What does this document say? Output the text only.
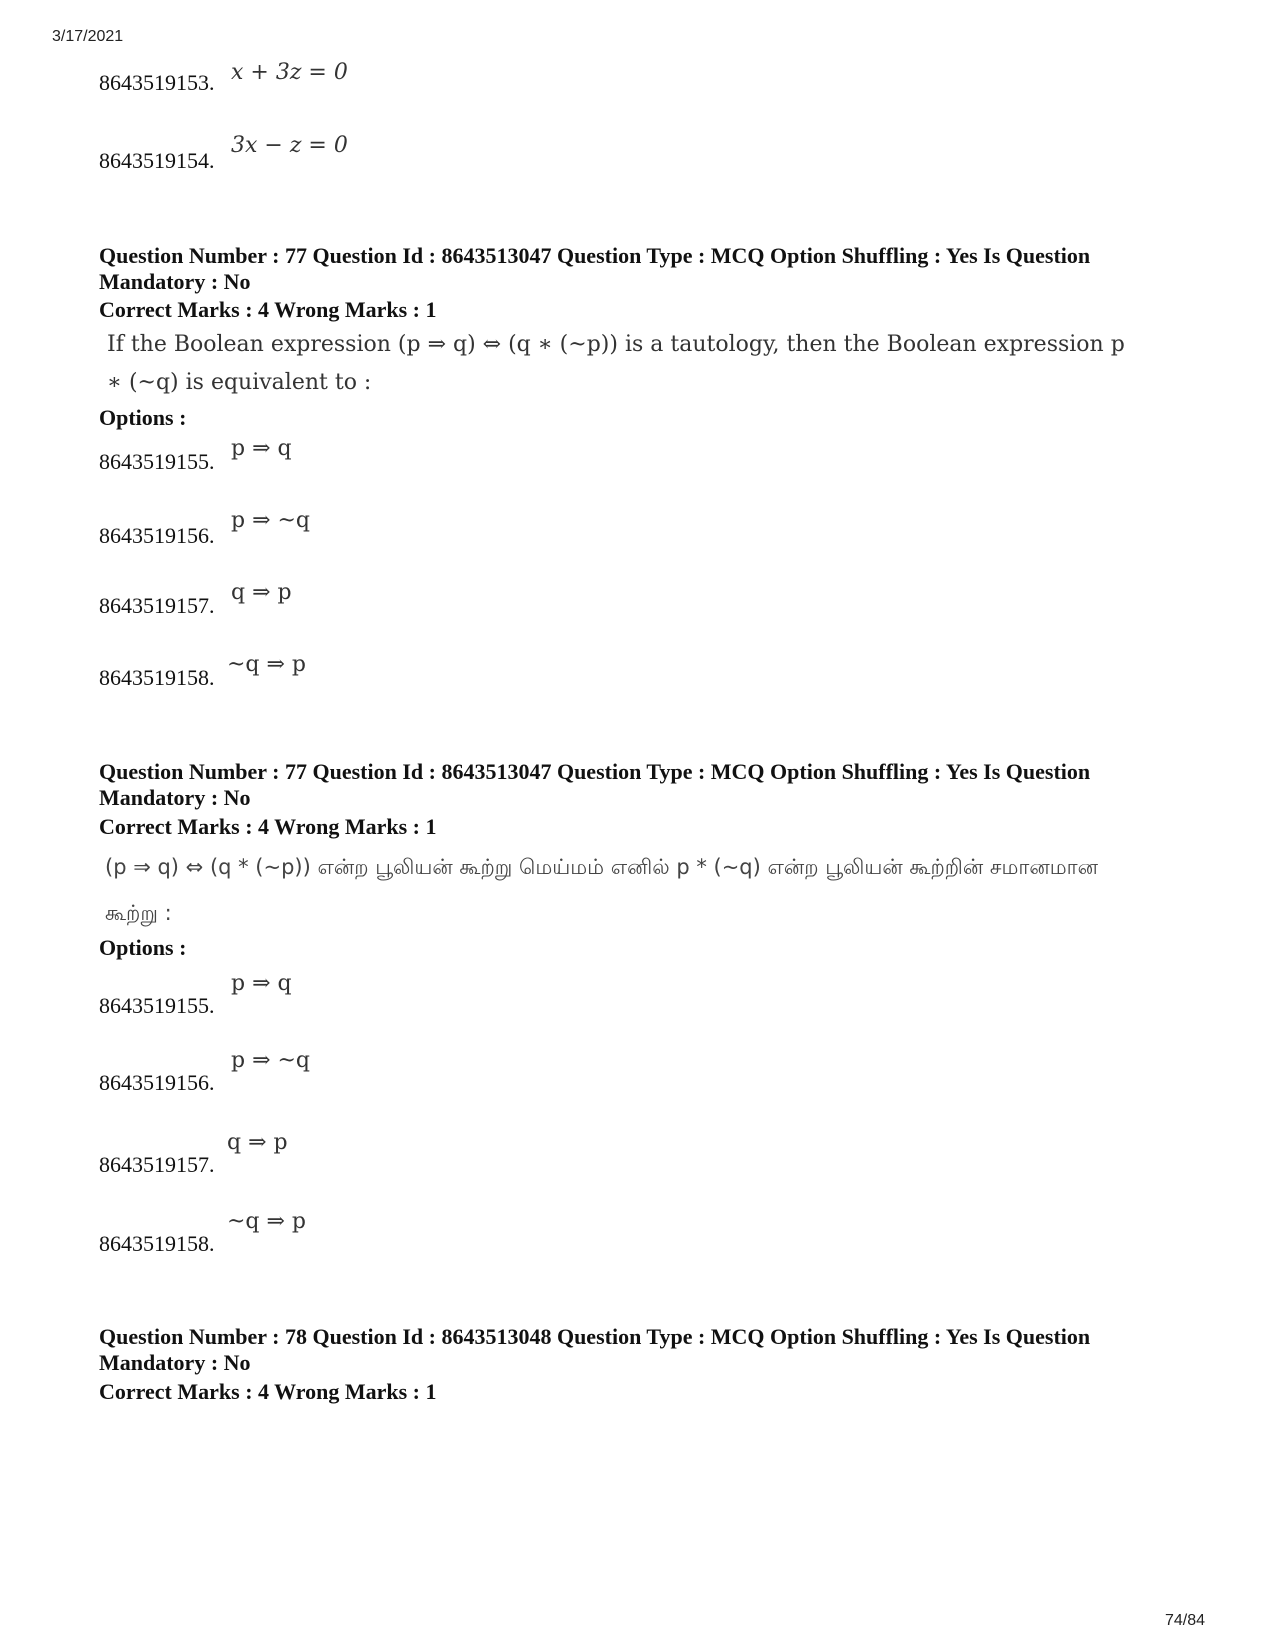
3/17/2021
8643519153. x + 3z = 0
8643519154.
3x − z = 0
Question Number : 77 Question Id : 8643513047 Question Type : MCQ Option Shuffling : Yes Is Question Mandatory : No
Correct Marks : 4 Wrong Marks : 1
If the Boolean expression (p ⇒ q) ⇔ (q ∗ (~p)) is a tautology, then the Boolean expression p ∗ (~q) is equivalent to :
Options :
8643519155.
p ⇒ q
8643519156.
p ⇒ ~q
8643519157.
q ⇒ p
8643519158.
~q ⇒ p
Question Number : 77 Question Id : 8643513047 Question Type : MCQ Option Shuffling : Yes Is Question Mandatory : No
Correct Marks : 4 Wrong Marks : 1
(p ⇒ q) ⇔ (q * (~p)) என்ற பூலியன் கூற்று மெய்மம் எனில் p * (~q) என்ற பூலியன் கூற்றின் சமானமான கூற்று :
Options :
8643519155.
p ⇒ q
8643519156.
p ⇒ ~q
8643519157.
q ⇒ p
8643519158.
~q ⇒ p
Question Number : 78 Question Id : 8643513048 Question Type : MCQ Option Shuffling : Yes Is Question Mandatory : No
Correct Marks : 4 Wrong Marks : 1
74/84
